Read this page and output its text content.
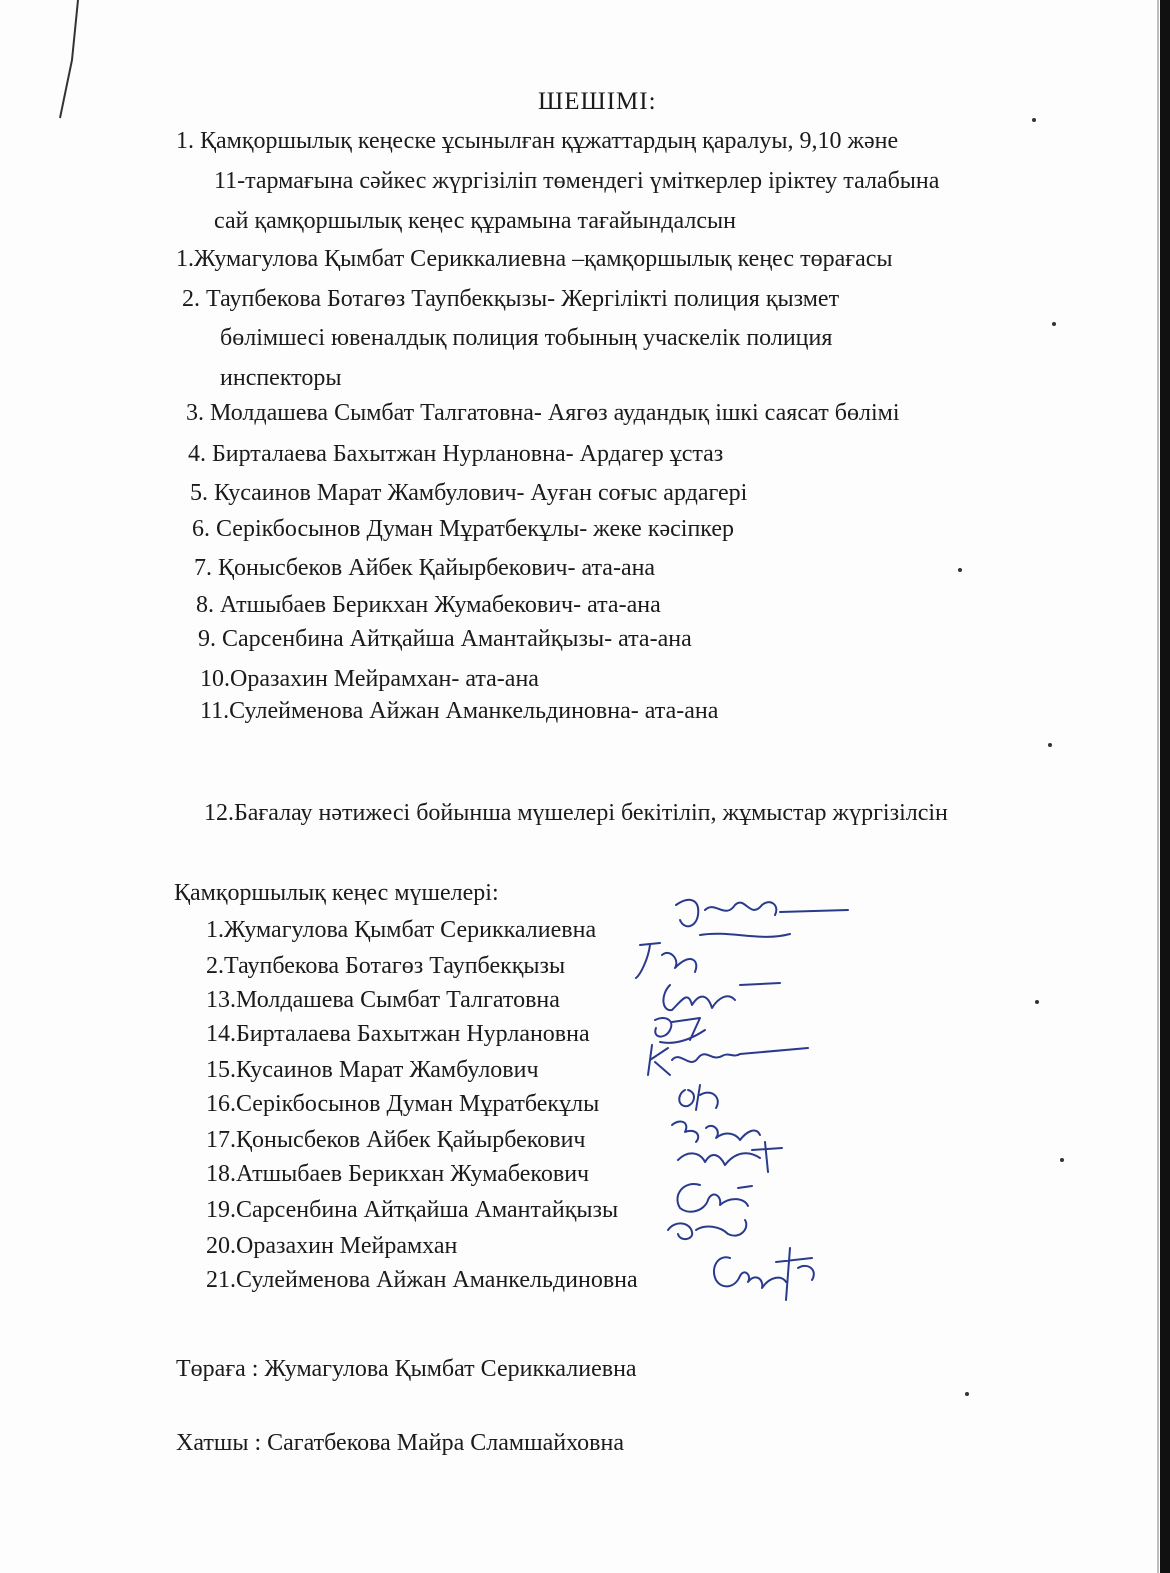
ШЕШІМІ:
1. Қамқоршылық кеңеске ұсынылған құжаттардың қаралуы, 9,10 және
11-тармағына сәйкес жүргізіліп төмендегі үміткерлер іріктеу талабына
сай қамқоршылық кеңес құрамына тағайындалсын
1.Жумагулова Қымбат Сериккалиевна –қамқоршылық кеңес төрағасы
2. Таупбекова Ботагөз Таупбекқызы- Жергілікті полиция қызмет
бөлімшесі ювеналдық полиция тобының учаскелік полиция
инспекторы
3. Молдашева Сымбат Талгатовна- Аягөз аудандық ішкі саясат бөлімі
4. Бирталаева Бахытжан Нурлановна- Ардагер ұстаз
5. Кусаинов Марат Жамбулович- Ауған соғыс ардагері
6. Серікбосынов Думан Мұратбекұлы- жеке кәсіпкер
7. Қонысбеков Айбек Қайырбекович- ата-ана
8. Атшыбаев Берикхан Жумабекович- ата-ана
9. Сарсенбина Айтқайша Амантайқызы- ата-ана
10.Оразахин Мейрамхан- ата-ана
11.Сулейменова Айжан Аманкельдиновна- ата-ана
12.Бағалау нәтижесі бойынша мүшелері бекітіліп, жұмыстар жүргізілсін
Қамқоршылық кеңес мүшелері:
1.Жумагулова Қымбат Сериккалиевна
2.Таупбекова Ботагөз Таупбекқызы
13.Молдашева Сымбат Талгатовна
14.Бирталаева Бахытжан Нурлановна
15.Кусаинов Марат Жамбулович
16.Серікбосынов Думан Мұратбекұлы
17.Қонысбеков Айбек Қайырбекович
18.Атшыбаев Берикхан Жумабекович
19.Сарсенбина Айтқайша Амантайқызы
20.Оразахин Мейрамхан
21.Сулейменова Айжан Аманкельдиновна
Төраға : Жумагулова Қымбат Сериккалиевна
Хатшы : Сагатбекова Майра Сламшайховна
